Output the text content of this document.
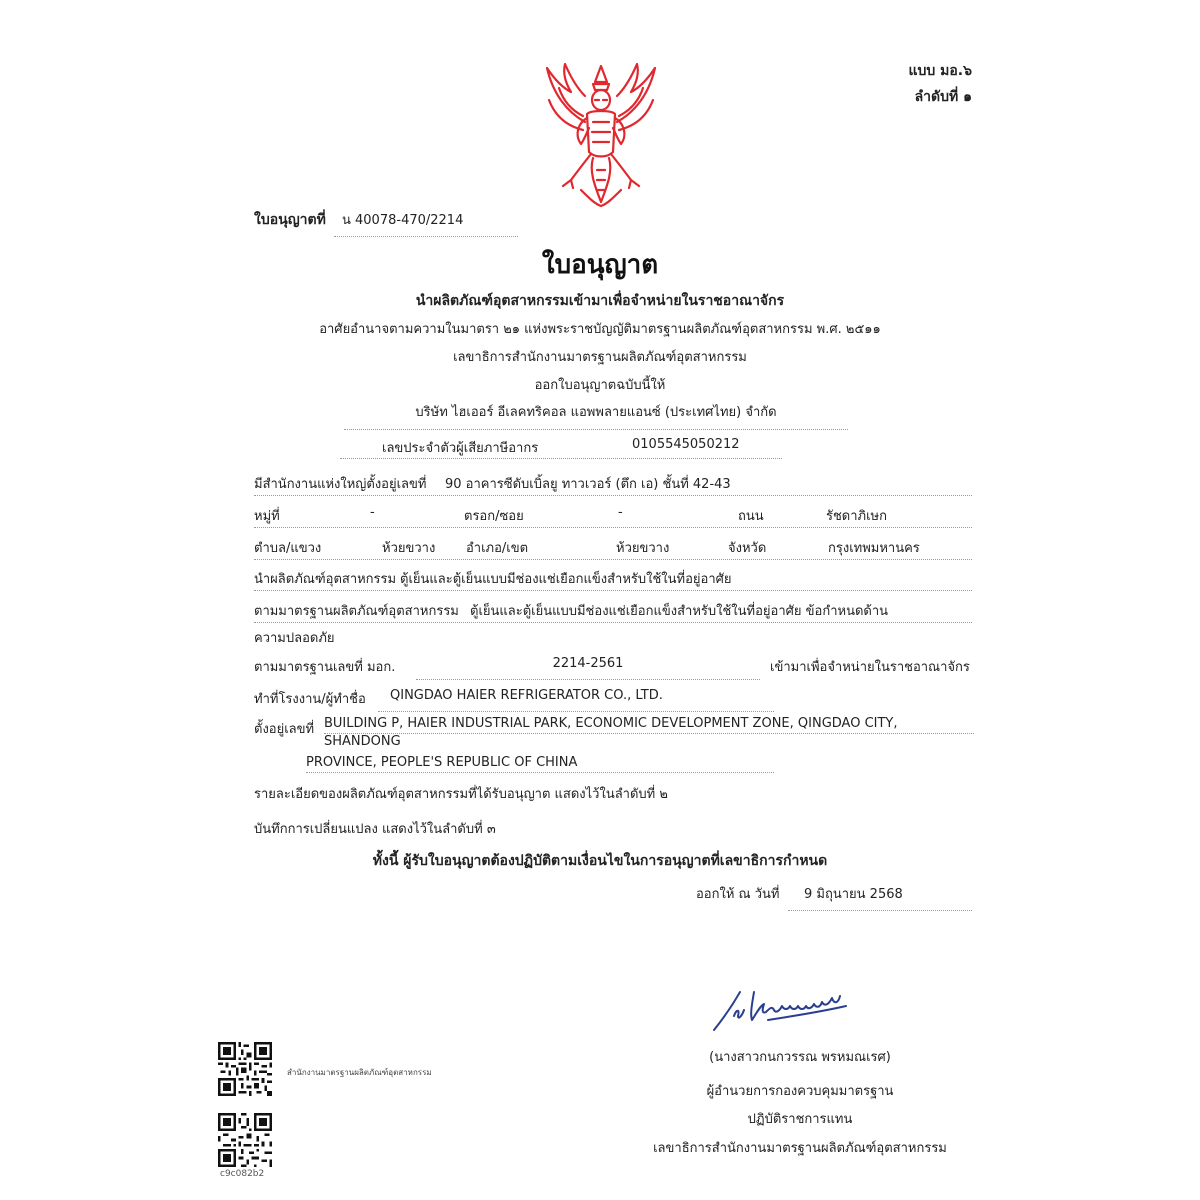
แบบ มอ.๖
ลำดับที่ ๑
ใบอนุญาตที่	น 40078-470/2214
ใบอนุญาต
นำผลิตภัณฑ์อุตสาหกรรมเข้ามาเพื่อจำหน่ายในราชอาณาจักร
อาศัยอำนาจตามความในมาตรา ๒๑ แห่งพระราชบัญญัติมาตรฐานผลิตภัณฑ์อุตสาหกรรม พ.ศ. ๒๕๑๑
เลขาธิการสำนักงานมาตรฐานผลิตภัณฑ์อุตสาหกรรม
ออกใบอนุญาตฉบับนี้ให้
บริษัท ไฮเออร์ อีเลคทริคอล แอพพลายแอนซ์ (ประเทศไทย) จำกัด
เลขประจำตัวผู้เสียภาษีอากร	0105545050212
มีสำนักงานแห่งใหญ่ตั้งอยู่เลขที่ 90 อาคารซีดับเบิ้ลยู ทาวเวอร์ (ตึก เอ) ชั้นที่ 42-43
หมู่ที่	-	ตรอก/ซอย	-	ถนน	รัชดาภิเษก
ตำบล/แขวง	ห้วยขวาง อำเภอ/เขต	ห้วยขวาง	จังหวัด	กรุงเทพมหานคร
นำผลิตภัณฑ์อุตสาหกรรม ตู้เย็นและตู้เย็นแบบมีช่องแช่เยือกแข็งสำหรับใช้ในที่อยู่อาศัย
ตามมาตรฐานผลิตภัณฑ์อุตสาหกรรม ตู้เย็นและตู้เย็นแบบมีช่องแช่เยือกแข็งสำหรับใช้ในที่อยู่อาศัย ข้อกำหนดด้าน
ความปลอดภัย
ตามมาตรฐานเลขที่ มอก.	2214-2561	เข้ามาเพื่อจำหน่ายในราชอาณาจักร
ทำที่โรงงาน/ผู้ทำชื่อ	QINGDAO HAIER REFRIGERATOR CO., LTD.
ตั้งอยู่เลขที่ BUILDING P, HAIER INDUSTRIAL PARK, ECONOMIC DEVELOPMENT ZONE, QINGDAO CITY,
SHANDONG
PROVINCE, PEOPLE'S REPUBLIC OF CHINA
รายละเอียดของผลิตภัณฑ์อุตสาหกรรมที่ได้รับอนุญาต แสดงไว้ในลำดับที่ ๒
บันทึกการเปลี่ยนแปลง แสดงไว้ในลำดับที่ ๓
ทั้งนี้ ผู้รับใบอนุญาตต้องปฏิบัติตามเงื่อนไขในการอนุญาตที่เลขาธิการกำหนด
ออกให้ ณ วันที่	9 มิถุนายน 2568
(นางสาวกนกวรรณ พรหมณเรศ)
ผู้อำนวยการกองควบคุมมาตรฐาน
ปฏิบัติราชการแทน
เลขาธิการสำนักงานมาตรฐานผลิตภัณฑ์อุตสาหกรรม
สำนักงานมาตรฐานผลิตภัณฑ์อุตสาหกรรม
c9c082b2
